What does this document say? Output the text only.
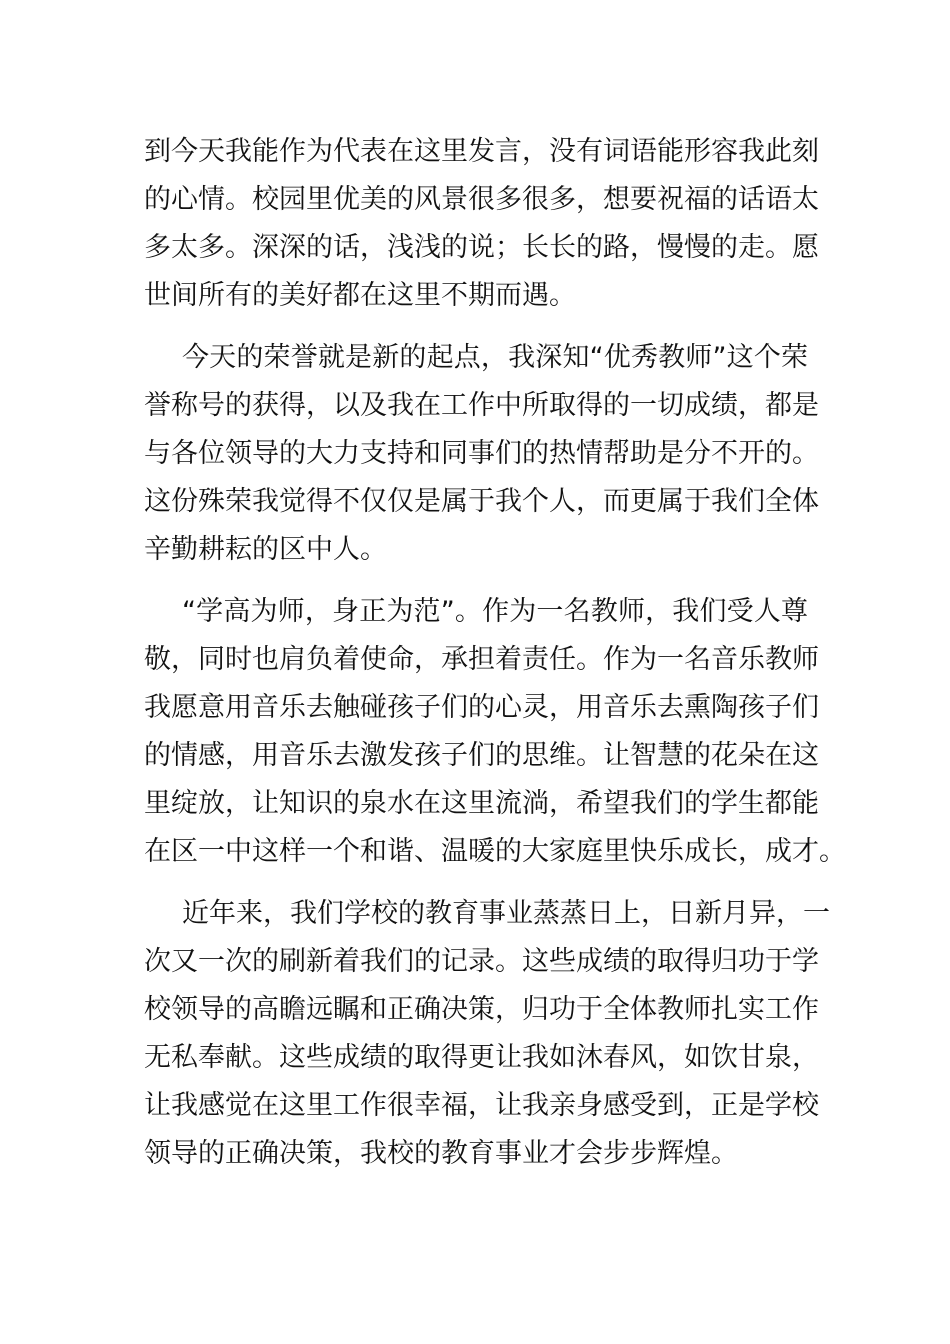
到今天我能作为代表在这里发言，没有词语能形容我此刻
的心情。校园里优美的风景很多很多，想要祝福的话语太
多太多。深深的话，浅浅的说；长长的路，慢慢的走。愿
世间所有的美好都在这里不期而遇。
今天的荣誉就是新的起点，我深知“优秀教师”这个荣
誉称号的获得，以及我在工作中所取得的一切成绩，都是
与各位领导的大力支持和同事们的热情帮助是分不开的。
这份殊荣我觉得不仅仅是属于我个人，而更属于我们全体
辛勤耕耘的区中人。
“学高为师，身正为范”。作为一名教师，我们受人尊
敬，同时也肩负着使命，承担着责任。作为一名音乐教师
我愿意用音乐去触碰孩子们的心灵，用音乐去熏陶孩子们
的情感，用音乐去激发孩子们的思维。让智慧的花朵在这
里绽放，让知识的泉水在这里流淌，希望我们的学生都能
在区一中这样一个和谐、温暖的大家庭里快乐成长，成才。
近年来，我们学校的教育事业蒸蒸日上，日新月异，一
次又一次的刷新着我们的记录。这些成绩的取得归功于学
校领导的高瞻远瞩和正确决策，归功于全体教师扎实工作
无私奉献。这些成绩的取得更让我如沐春风，如饮甘泉，
让我感觉在这里工作很幸福，让我亲身感受到，正是学校
领导的正确决策，我校的教育事业才会步步辉煌。
